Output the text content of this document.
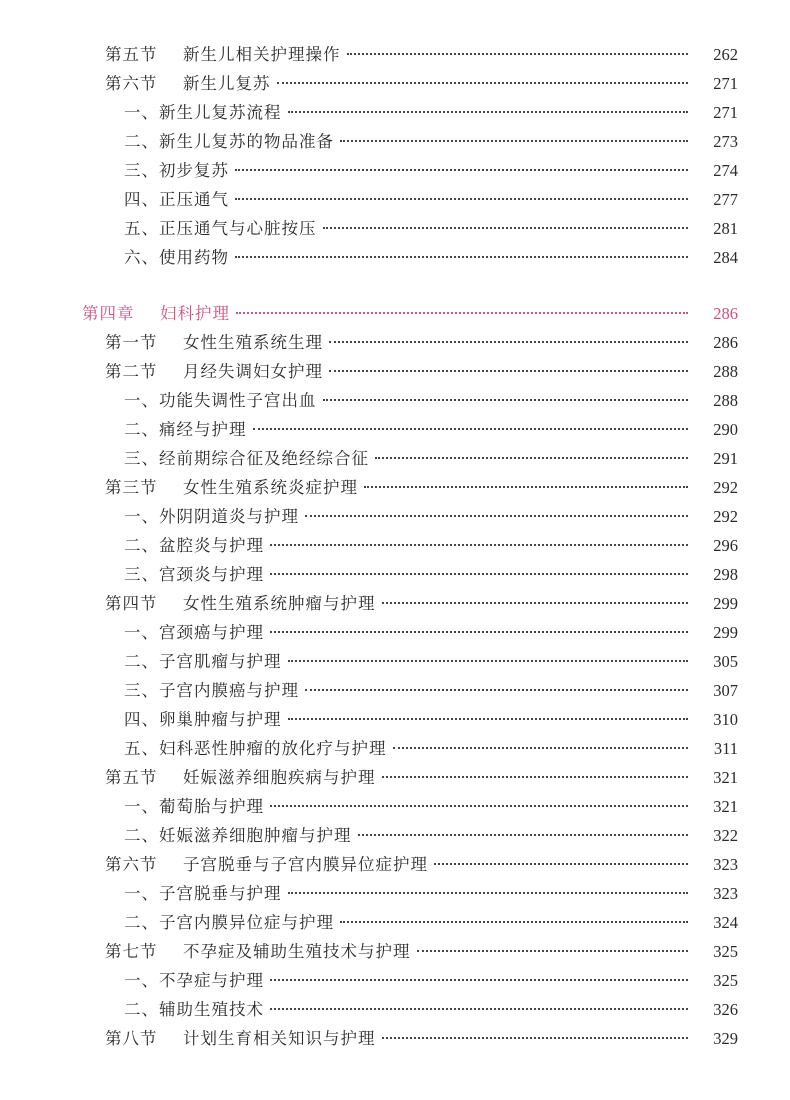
第五节	新生儿相关护理操作	262
第六节	新生儿复苏	271
一、新生儿复苏流程	271
二、新生儿复苏的物品准备	273
三、初步复苏	274
四、正压通气	277
五、正压通气与心脏按压	281
六、使用药物	284
第四章	妇科护理	286
第一节	女性生殖系统生理	286
第二节	月经失调妇女护理	288
一、功能失调性子宫出血	288
二、痛经与护理	290
三、经前期综合征及绝经综合征	291
第三节	女性生殖系统炎症护理	292
一、外阴阴道炎与护理	292
二、盆腔炎与护理	296
三、宫颈炎与护理	298
第四节	女性生殖系统肿瘤与护理	299
一、宫颈癌与护理	299
二、子宫肌瘤与护理	305
三、子宫内膜癌与护理	307
四、卵巢肿瘤与护理	310
五、妇科恶性肿瘤的放化疗与护理	311
第五节	妊娠滋养细胞疾病与护理	321
一、葡萄胎与护理	321
二、妊娠滋养细胞肿瘤与护理	322
第六节	子宫脱垂与子宫内膜异位症护理	323
一、子宫脱垂与护理	323
二、子宫内膜异位症与护理	324
第七节	不孕症及辅助生殖技术与护理	325
一、不孕症与护理	325
二、辅助生殖技术	326
第八节	计划生育相关知识与护理	329
